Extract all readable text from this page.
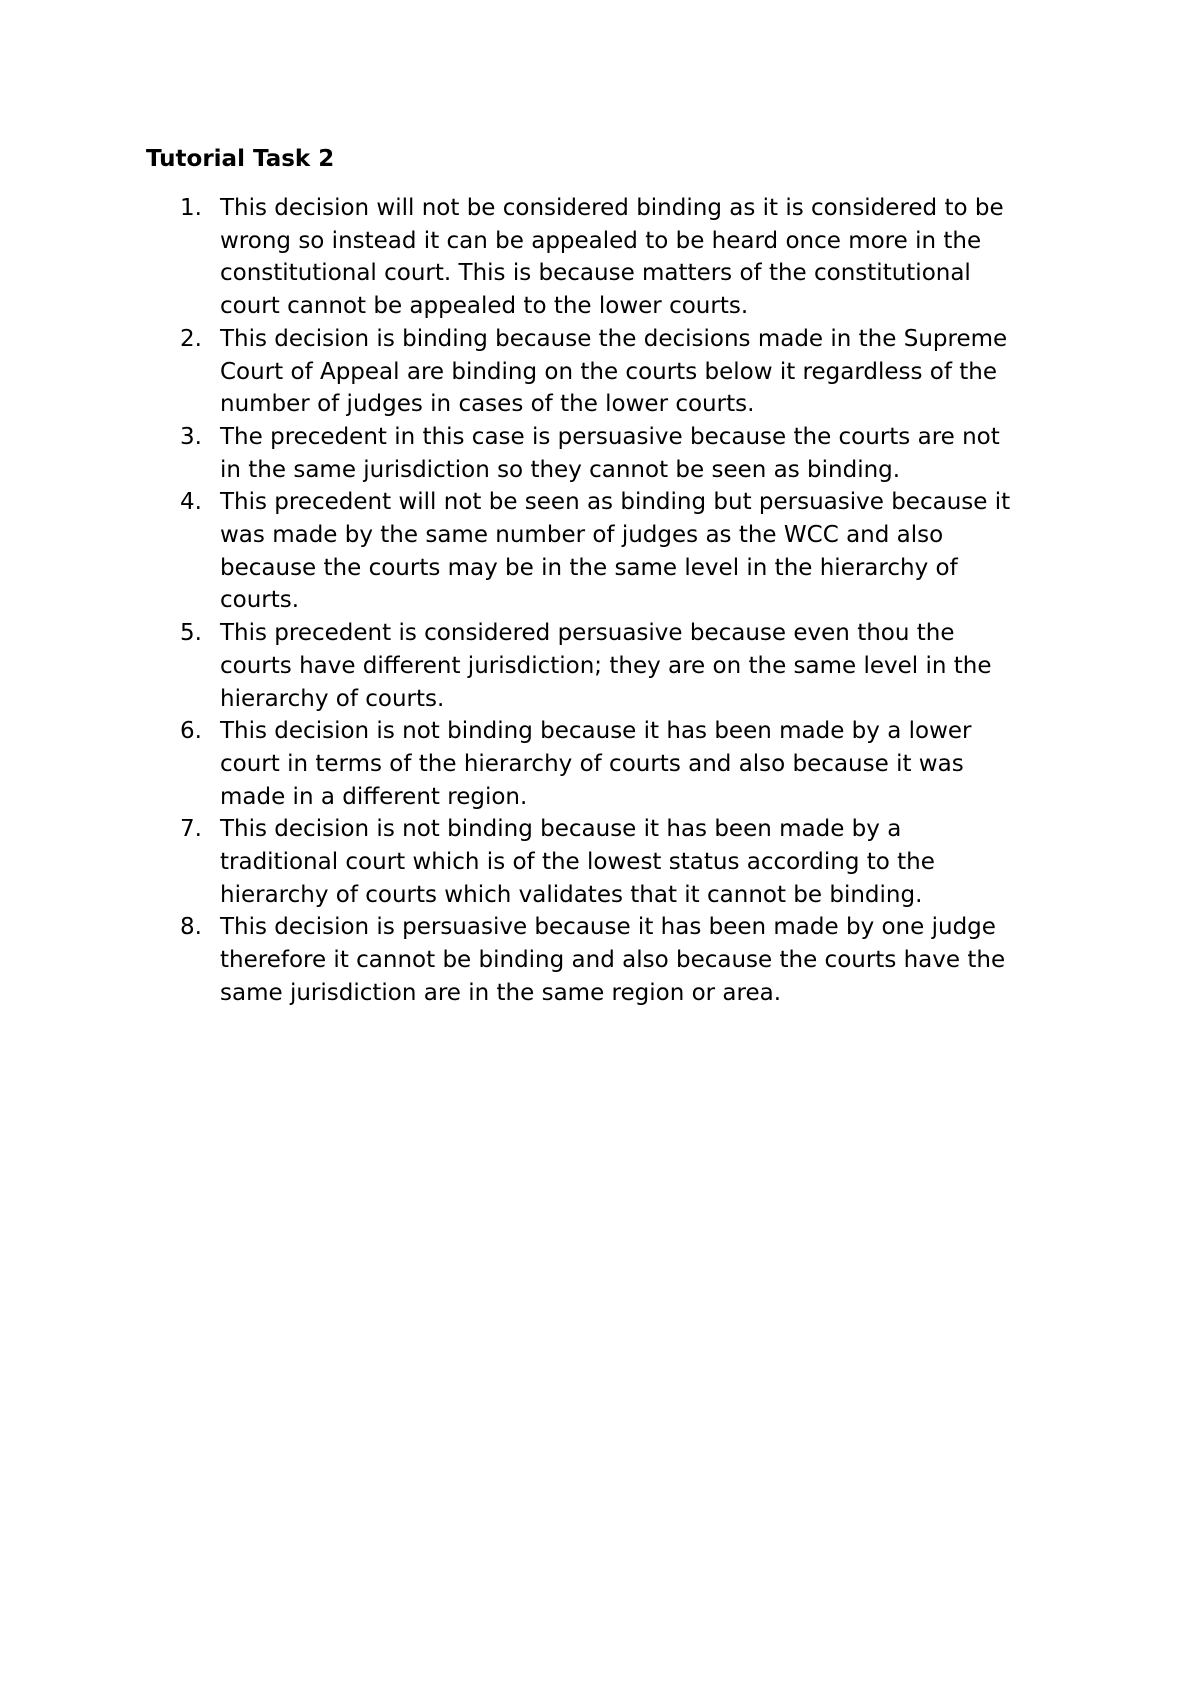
Tutorial Task 2
1. This decision will not be considered binding as it is considered to be
wrong so instead it can be appealed to be heard once more in the
constitutional court. This is because matters of the constitutional
court cannot be appealed to the lower courts.
2. This decision is binding because the decisions made in the Supreme
Court of Appeal are binding on the courts below it regardless of the
number of judges in cases of the lower courts.
3. The precedent in this case is persuasive because the courts are not
in the same jurisdiction so they cannot be seen as binding.
4. This precedent will not be seen as binding but persuasive because it
was made by the same number of judges as the WCC and also
because the courts may be in the same level in the hierarchy of
courts.
5. This precedent is considered persuasive because even thou the
courts have different jurisdiction; they are on the same level in the
hierarchy of courts.
6. This decision is not binding because it has been made by a lower
court in terms of the hierarchy of courts and also because it was
made in a different region.
7. This decision is not binding because it has been made by a
traditional court which is of the lowest status according to the
hierarchy of courts which validates that it cannot be binding.
8. This decision is persuasive because it has been made by one judge
therefore it cannot be binding and also because the courts have the
same jurisdiction are in the same region or area.
